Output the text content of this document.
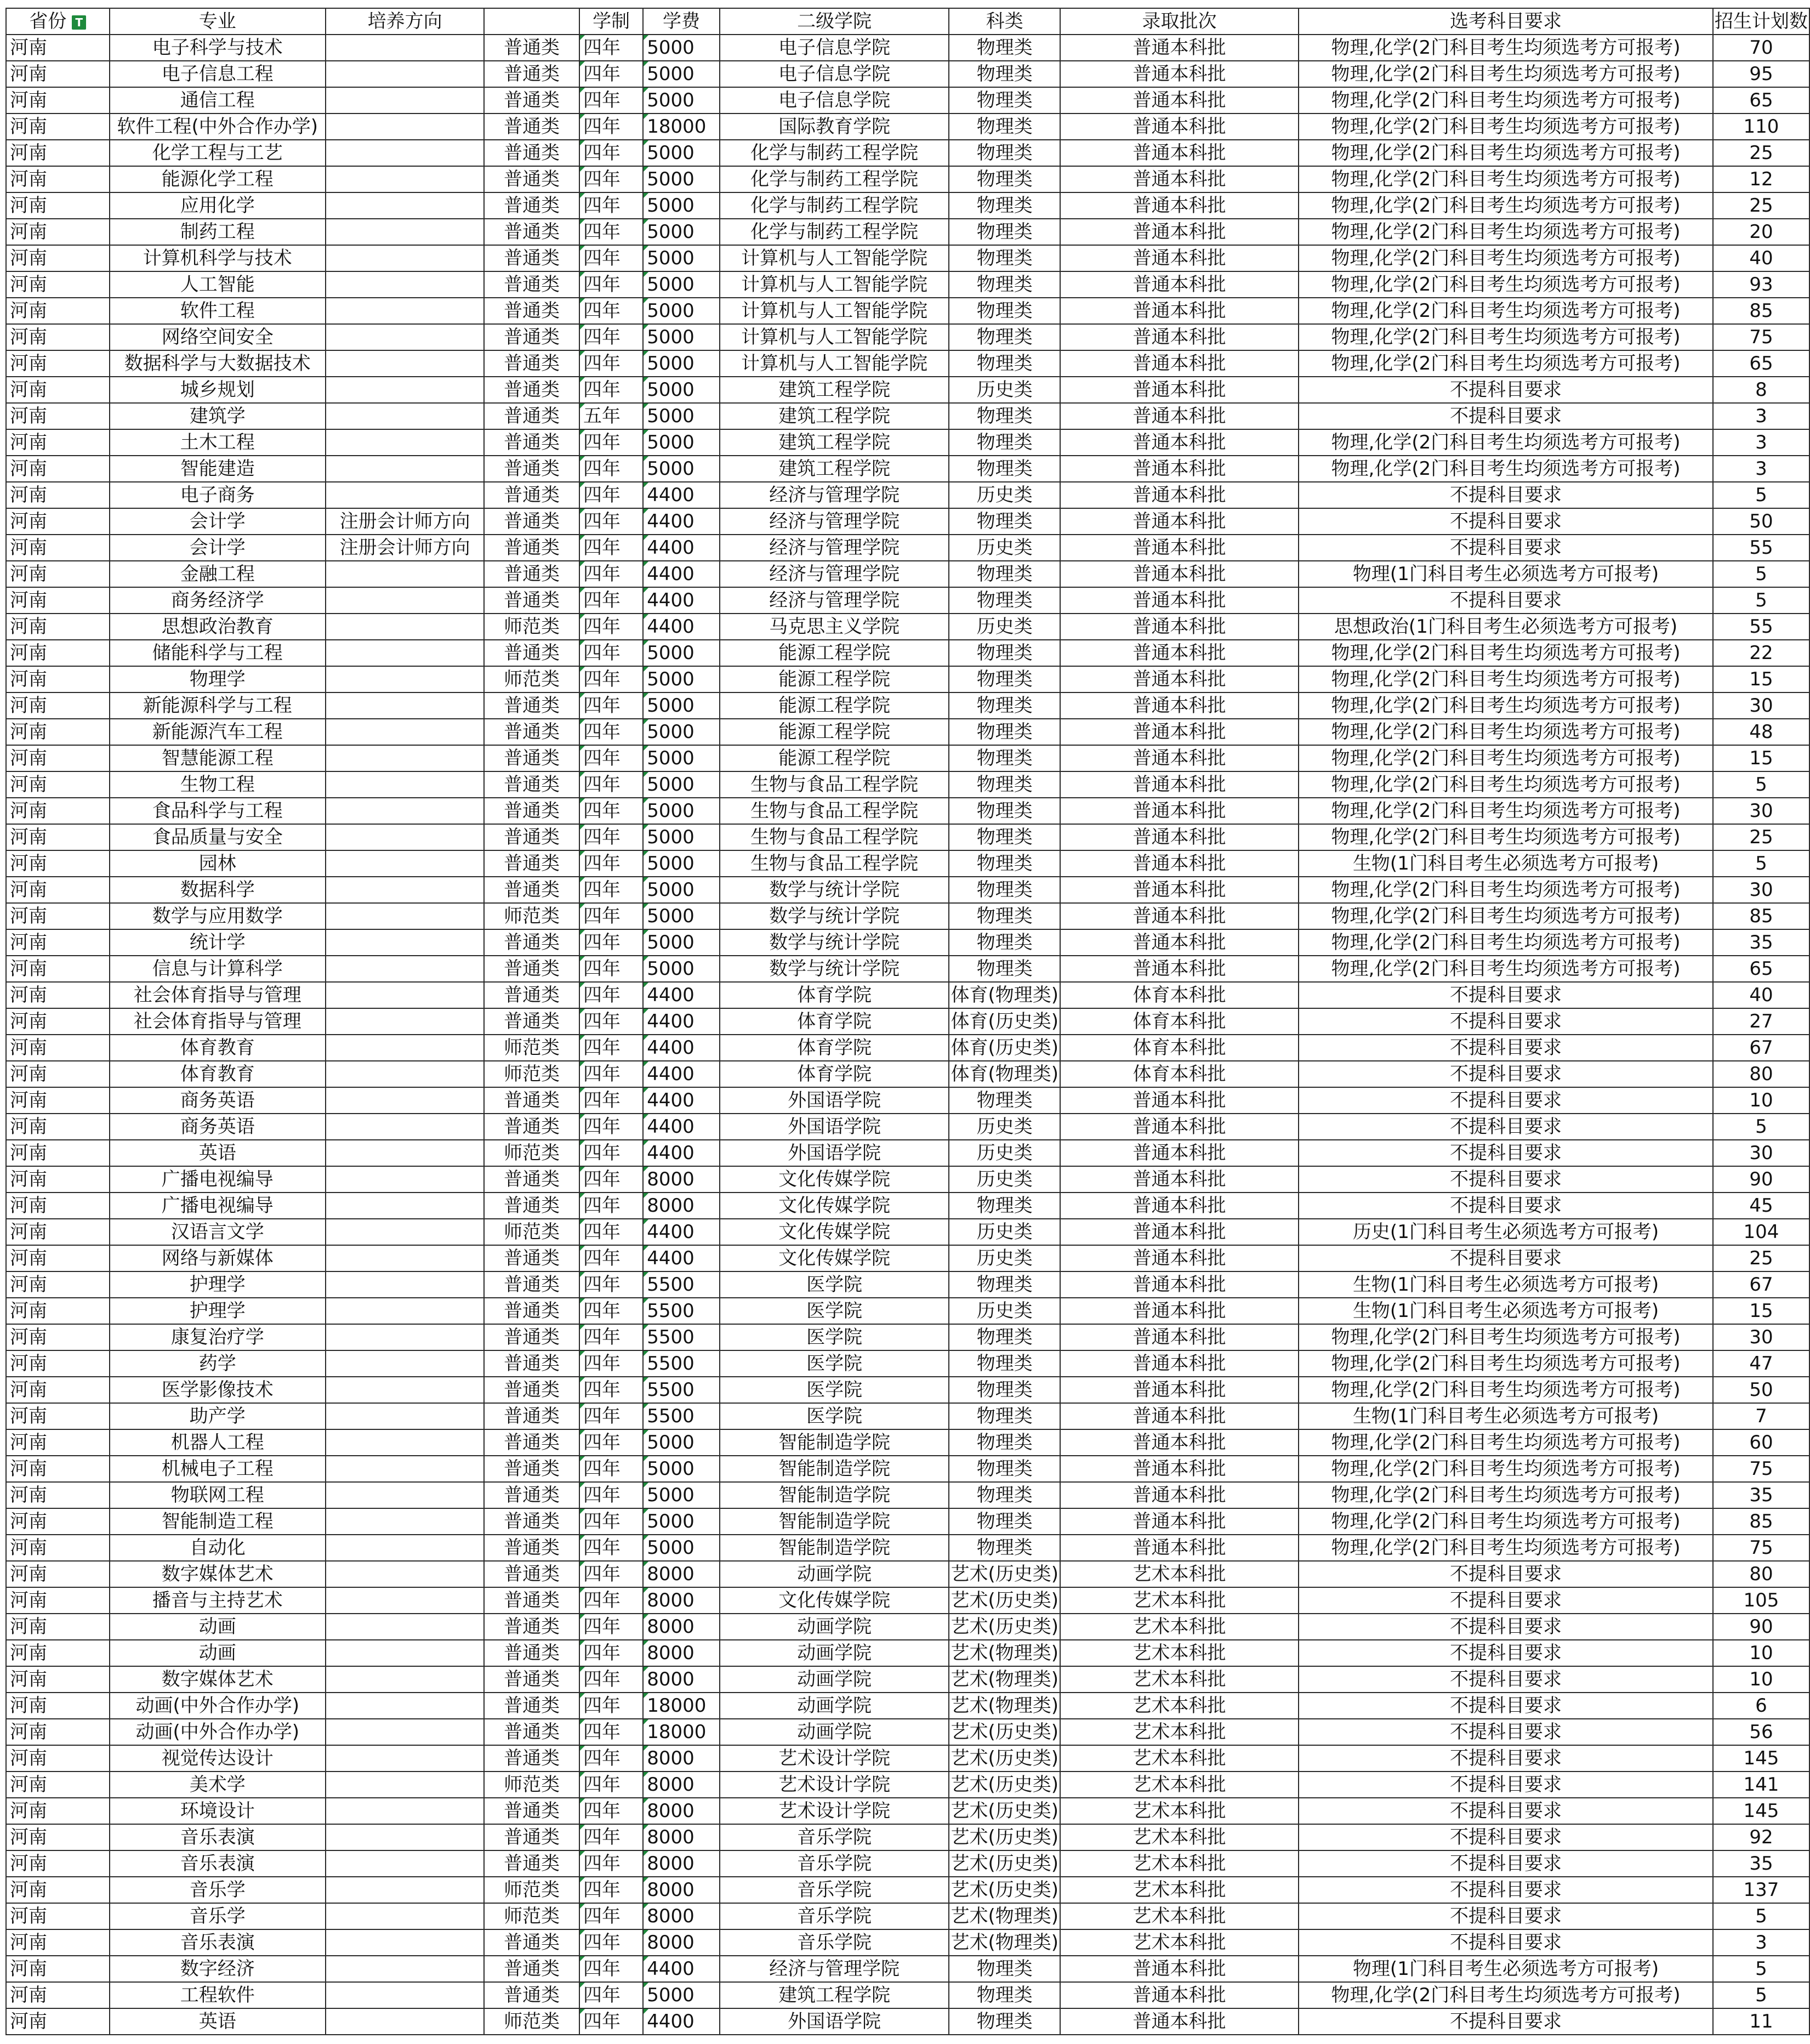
省份 T	专业	培养方向		学制	学费	二级学院	科类	录取批次	选考科目要求	招生计划数
河南	电子科学与技术		普通类	四年	5000	电子信息学院	物理类	普通本科批	物理,化学(2门科目考生均须选考方可报考)	70
河南	电子信息工程		普通类	四年	5000	电子信息学院	物理类	普通本科批	物理,化学(2门科目考生均须选考方可报考)	95
河南	通信工程		普通类	四年	5000	电子信息学院	物理类	普通本科批	物理,化学(2门科目考生均须选考方可报考)	65
河南	软件工程(中外合作办学)		普通类	四年	18000	国际教育学院	物理类	普通本科批	物理,化学(2门科目考生均须选考方可报考)	110
河南	化学工程与工艺		普通类	四年	5000	化学与制药工程学院	物理类	普通本科批	物理,化学(2门科目考生均须选考方可报考)	25
河南	能源化学工程		普通类	四年	5000	化学与制药工程学院	物理类	普通本科批	物理,化学(2门科目考生均须选考方可报考)	12
河南	应用化学		普通类	四年	5000	化学与制药工程学院	物理类	普通本科批	物理,化学(2门科目考生均须选考方可报考)	25
河南	制药工程		普通类	四年	5000	化学与制药工程学院	物理类	普通本科批	物理,化学(2门科目考生均须选考方可报考)	20
河南	计算机科学与技术		普通类	四年	5000	计算机与人工智能学院	物理类	普通本科批	物理,化学(2门科目考生均须选考方可报考)	40
河南	人工智能		普通类	四年	5000	计算机与人工智能学院	物理类	普通本科批	物理,化学(2门科目考生均须选考方可报考)	93
河南	软件工程		普通类	四年	5000	计算机与人工智能学院	物理类	普通本科批	物理,化学(2门科目考生均须选考方可报考)	85
河南	网络空间安全		普通类	四年	5000	计算机与人工智能学院	物理类	普通本科批	物理,化学(2门科目考生均须选考方可报考)	75
河南	数据科学与大数据技术		普通类	四年	5000	计算机与人工智能学院	物理类	普通本科批	物理,化学(2门科目考生均须选考方可报考)	65
河南	城乡规划		普通类	四年	5000	建筑工程学院	历史类	普通本科批	不提科目要求	8
河南	建筑学		普通类	五年	5000	建筑工程学院	物理类	普通本科批	不提科目要求	3
河南	土木工程		普通类	四年	5000	建筑工程学院	物理类	普通本科批	物理,化学(2门科目考生均须选考方可报考)	3
河南	智能建造		普通类	四年	5000	建筑工程学院	物理类	普通本科批	物理,化学(2门科目考生均须选考方可报考)	3
河南	电子商务		普通类	四年	4400	经济与管理学院	历史类	普通本科批	不提科目要求	5
河南	会计学	注册会计师方向	普通类	四年	4400	经济与管理学院	物理类	普通本科批	不提科目要求	50
河南	会计学	注册会计师方向	普通类	四年	4400	经济与管理学院	历史类	普通本科批	不提科目要求	55
河南	金融工程		普通类	四年	4400	经济与管理学院	物理类	普通本科批	物理(1门科目考生必须选考方可报考)	5
河南	商务经济学		普通类	四年	4400	经济与管理学院	物理类	普通本科批	不提科目要求	5
河南	思想政治教育		师范类	四年	4400	马克思主义学院	历史类	普通本科批	思想政治(1门科目考生必须选考方可报考)	55
河南	储能科学与工程		普通类	四年	5000	能源工程学院	物理类	普通本科批	物理,化学(2门科目考生均须选考方可报考)	22
河南	物理学		师范类	四年	5000	能源工程学院	物理类	普通本科批	物理,化学(2门科目考生均须选考方可报考)	15
河南	新能源科学与工程		普通类	四年	5000	能源工程学院	物理类	普通本科批	物理,化学(2门科目考生均须选考方可报考)	30
河南	新能源汽车工程		普通类	四年	5000	能源工程学院	物理类	普通本科批	物理,化学(2门科目考生均须选考方可报考)	48
河南	智慧能源工程		普通类	四年	5000	能源工程学院	物理类	普通本科批	物理,化学(2门科目考生均须选考方可报考)	15
河南	生物工程		普通类	四年	5000	生物与食品工程学院	物理类	普通本科批	物理,化学(2门科目考生均须选考方可报考)	5
河南	食品科学与工程		普通类	四年	5000	生物与食品工程学院	物理类	普通本科批	物理,化学(2门科目考生均须选考方可报考)	30
河南	食品质量与安全		普通类	四年	5000	生物与食品工程学院	物理类	普通本科批	物理,化学(2门科目考生均须选考方可报考)	25
河南	园林		普通类	四年	5000	生物与食品工程学院	物理类	普通本科批	生物(1门科目考生必须选考方可报考)	5
河南	数据科学		普通类	四年	5000	数学与统计学院	物理类	普通本科批	物理,化学(2门科目考生均须选考方可报考)	30
河南	数学与应用数学		师范类	四年	5000	数学与统计学院	物理类	普通本科批	物理,化学(2门科目考生均须选考方可报考)	85
河南	统计学		普通类	四年	5000	数学与统计学院	物理类	普通本科批	物理,化学(2门科目考生均须选考方可报考)	35
河南	信息与计算科学		普通类	四年	5000	数学与统计学院	物理类	普通本科批	物理,化学(2门科目考生均须选考方可报考)	65
河南	社会体育指导与管理		普通类	四年	4400	体育学院	体育(物理类)	体育本科批	不提科目要求	40
河南	社会体育指导与管理		普通类	四年	4400	体育学院	体育(历史类)	体育本科批	不提科目要求	27
河南	体育教育		师范类	四年	4400	体育学院	体育(历史类)	体育本科批	不提科目要求	67
河南	体育教育		师范类	四年	4400	体育学院	体育(物理类)	体育本科批	不提科目要求	80
河南	商务英语		普通类	四年	4400	外国语学院	物理类	普通本科批	不提科目要求	10
河南	商务英语		普通类	四年	4400	外国语学院	历史类	普通本科批	不提科目要求	5
河南	英语		师范类	四年	4400	外国语学院	历史类	普通本科批	不提科目要求	30
河南	广播电视编导		普通类	四年	8000	文化传媒学院	历史类	普通本科批	不提科目要求	90
河南	广播电视编导		普通类	四年	8000	文化传媒学院	物理类	普通本科批	不提科目要求	45
河南	汉语言文学		师范类	四年	4400	文化传媒学院	历史类	普通本科批	历史(1门科目考生必须选考方可报考)	104
河南	网络与新媒体		普通类	四年	4400	文化传媒学院	历史类	普通本科批	不提科目要求	25
河南	护理学		普通类	四年	5500	医学院	物理类	普通本科批	生物(1门科目考生必须选考方可报考)	67
河南	护理学		普通类	四年	5500	医学院	历史类	普通本科批	生物(1门科目考生必须选考方可报考)	15
河南	康复治疗学		普通类	四年	5500	医学院	物理类	普通本科批	物理,化学(2门科目考生均须选考方可报考)	30
河南	药学		普通类	四年	5500	医学院	物理类	普通本科批	物理,化学(2门科目考生均须选考方可报考)	47
河南	医学影像技术		普通类	四年	5500	医学院	物理类	普通本科批	物理,化学(2门科目考生均须选考方可报考)	50
河南	助产学		普通类	四年	5500	医学院	物理类	普通本科批	生物(1门科目考生必须选考方可报考)	7
河南	机器人工程		普通类	四年	5000	智能制造学院	物理类	普通本科批	物理,化学(2门科目考生均须选考方可报考)	60
河南	机械电子工程		普通类	四年	5000	智能制造学院	物理类	普通本科批	物理,化学(2门科目考生均须选考方可报考)	75
河南	物联网工程		普通类	四年	5000	智能制造学院	物理类	普通本科批	物理,化学(2门科目考生均须选考方可报考)	35
河南	智能制造工程		普通类	四年	5000	智能制造学院	物理类	普通本科批	物理,化学(2门科目考生均须选考方可报考)	85
河南	自动化		普通类	四年	5000	智能制造学院	物理类	普通本科批	物理,化学(2门科目考生均须选考方可报考)	75
河南	数字媒体艺术		普通类	四年	8000	动画学院	艺术(历史类)	艺术本科批	不提科目要求	80
河南	播音与主持艺术		普通类	四年	8000	文化传媒学院	艺术(历史类)	艺术本科批	不提科目要求	105
河南	动画		普通类	四年	8000	动画学院	艺术(历史类)	艺术本科批	不提科目要求	90
河南	动画		普通类	四年	8000	动画学院	艺术(物理类)	艺术本科批	不提科目要求	10
河南	数字媒体艺术		普通类	四年	8000	动画学院	艺术(物理类)	艺术本科批	不提科目要求	10
河南	动画(中外合作办学)		普通类	四年	18000	动画学院	艺术(物理类)	艺术本科批	不提科目要求	6
河南	动画(中外合作办学)		普通类	四年	18000	动画学院	艺术(历史类)	艺术本科批	不提科目要求	56
河南	视觉传达设计		普通类	四年	8000	艺术设计学院	艺术(历史类)	艺术本科批	不提科目要求	145
河南	美术学		师范类	四年	8000	艺术设计学院	艺术(历史类)	艺术本科批	不提科目要求	141
河南	环境设计		普通类	四年	8000	艺术设计学院	艺术(历史类)	艺术本科批	不提科目要求	145
河南	音乐表演		普通类	四年	8000	音乐学院	艺术(历史类)	艺术本科批	不提科目要求	92
河南	音乐表演		普通类	四年	8000	音乐学院	艺术(历史类)	艺术本科批	不提科目要求	35
河南	音乐学		师范类	四年	8000	音乐学院	艺术(历史类)	艺术本科批	不提科目要求	137
河南	音乐学		师范类	四年	8000	音乐学院	艺术(物理类)	艺术本科批	不提科目要求	5
河南	音乐表演		普通类	四年	8000	音乐学院	艺术(物理类)	艺术本科批	不提科目要求	3
河南	数字经济		普通类	四年	4400	经济与管理学院	物理类	普通本科批	物理(1门科目考生必须选考方可报考)	5
河南	工程软件		普通类	四年	5000	建筑工程学院	物理类	普通本科批	物理,化学(2门科目考生均须选考方可报考)	5
河南	英语		师范类	四年	4400	外国语学院	物理类	普通本科批	不提科目要求	11
